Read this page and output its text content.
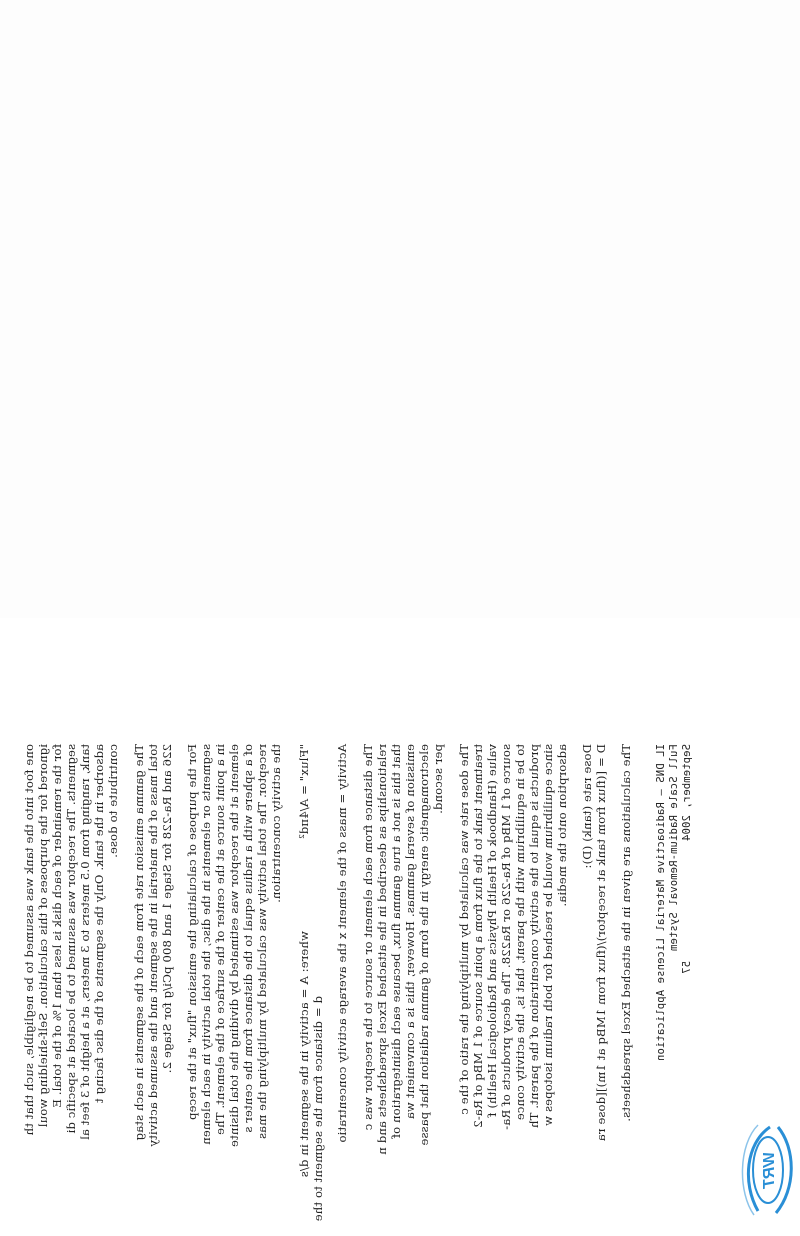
WRT
one foot into the tank was assumed to be negligible, such that th ignored for the purposes of this calculation. Self-shielding woul for the remainder of each disk is less than 1% of the total. E segments. The receptor was assumed to be located at specific di tank, ranging from 0.5 meters to 3 meters, at a height of 3 feet al adsorber in the tank. Only the segments of the disc facing t contribute to dose. The gamma emission rate from each of the segments in each stag total mass of the material in the segment and the assumed activity 226 and Ra-228 for Stage 1 and 800 pCi/g for Stage 2. For the purpose of calculating the emission "flux" at the recep segments or elements in the disc, the total activity in each elemen in a point source at the center of the surface of the element. The element at the receptor was estimated by dividing the total disinte of a sphere with a radius equal to the distance from the center s receptor. The total activity was calculated by multiplying the mas the activity concentration. "Flux" = A/4πd²
where: A = activity in the segment in d/s d = distance from the segment to the Activity = mass of the element x the average activity concentratio The distance from each element or source to the receptor was c relationships as described in the attached Excel spreadsheets and n that this is not a true gamma flux, because each disintegration of emission of several gammas. However, this is a convenient wa electromagnetic energy in the form of gamma radiation that passe per second. The dose rate was calculated by multiplying the ratio of the c treatment tank to the flux from a point source of 1 MBq of Ra-2 value (Handbook of Health Physics and Radiological Health) f source of 1 MBq of Ra-226 or Ra228. The decay products of Ra- to be in equilibrium with the parent, that is, the activity conce products is equal to the activity concentration of the parent. Th since equilibrium would be reached for both radium isotopes w adsorption onto the media. Dose rate (tank) (D): D = [(flux from tank at receptor)/(flux from 1MBq at 1m)][dose ra The calculations are given in the attached Excel spreadsheets. IL DNS – Radioactive Material License Application Full Scale Radium-Removal System September, 2004
57
